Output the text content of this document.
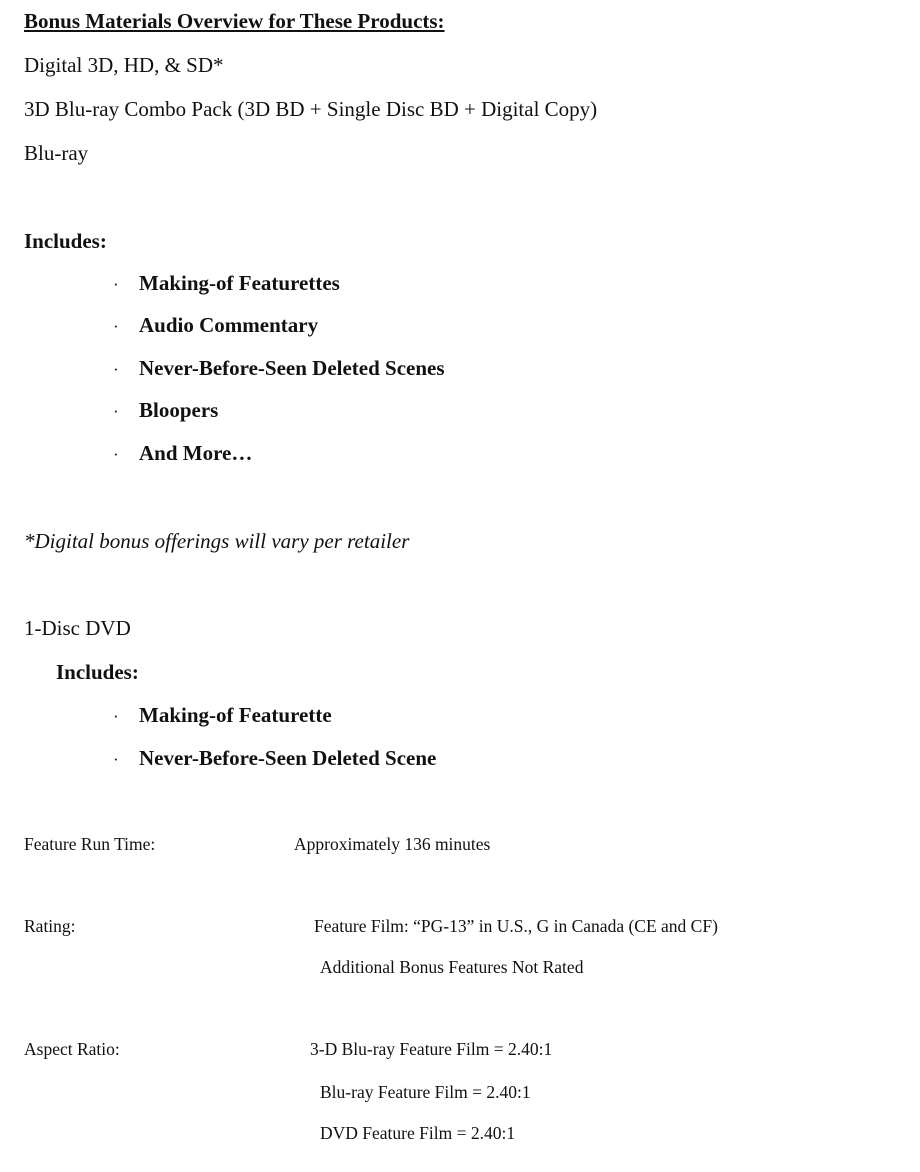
Bonus Materials Overview for These Products:
Digital 3D, HD, & SD*
3D Blu-ray Combo Pack (3D BD + Single Disc BD + Digital Copy)
Blu-ray
Includes:
· Making-of Featurettes
· Audio Commentary
· Never-Before-Seen Deleted Scenes
· Bloopers
· And More…
*Digital bonus offerings will vary per retailer
1-Disc DVD
Includes:
· Making-of Featurette
· Never-Before-Seen Deleted Scene
Feature Run Time:	Approximately 136 minutes
Rating:	Feature Film: “PG-13” in U.S., G in Canada (CE and CF)
Additional Bonus Features Not Rated
Aspect Ratio:	3-D Blu-ray Feature Film = 2.40:1
Blu-ray Feature Film = 2.40:1
DVD Feature Film = 2.40:1
